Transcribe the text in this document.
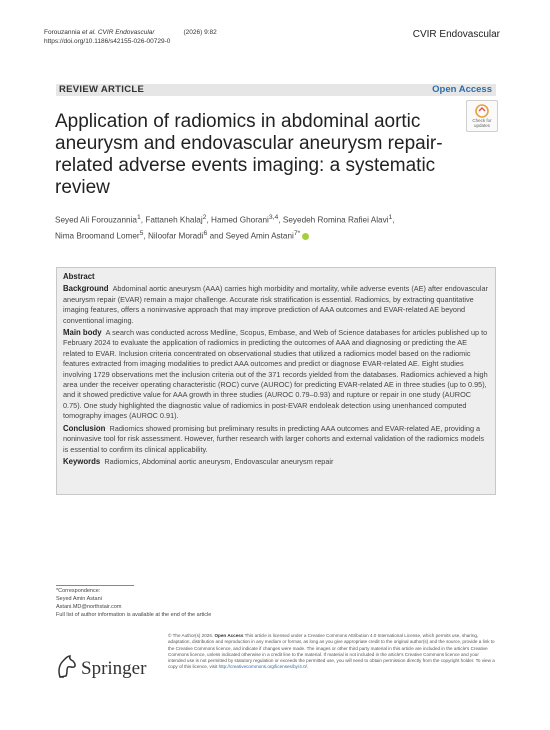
Forouzannia et al. CVIR Endovascular	(2026) 9:82
https://doi.org/10.1186/s42155-026-00729-0
CVIR Endovascular
REVIEW ARTICLE	Open Access
Check for
updates
Application of radiomics in abdominal aortic aneurysm and endovascular aneurysm repair-related adverse events imaging: a systematic review
Seyed Ali Forouzannia$^1$, Fattaneh Khalaj$^2$, Hamed Ghorani$^{3,4}$, Seyedeh Romina Rafiei Alavi$^1$,
Nima Broomand Lomer$^5$, Niloofar Moradi$^6$ and Seyed Amin Astani$^{7*}$
Abstract

Background Abdominal aortic aneurysm (AAA) carries high morbidity and mortality, while adverse events (AE) after endovascular aneurysm repair (EVAR) remain a major challenge. Accurate risk stratification is essential. Radiomics, by extracting quantitative imaging features, offers a noninvasive approach that may improve prediction of AAA outcomes and EVAR-related AE beyond conventional imaging.

Main body A search was conducted across Medline, Scopus, Embase, and Web of Science databases for articles published up to February 2024 to evaluate the application of radiomics in predicting the outcomes of AAA and diagnosing or predicting the AE related to EVAR. Inclusion criteria concentrated on observational studies that utilized a radiomics model based on the radiomic features extracted from imaging modalities to predict AAA outcomes and predict or diagnose EVAR-related AE. Eight studies involving 1729 observations met the inclusion criteria out of the 371 records yielded from the databases. Radiomics achieved a high area under the receiver operating characteristic (ROC) curve (AUROC) for predicting EVAR-related AE in three studies (up to 0.95), and it showed predictive value for AAA growth in three studies (AUROC 0.79–0.93) and rupture or repair in one study (AUROC 0.75). One study highlighted the diagnostic value of radiomics in post-EVAR endoleak detection using unenhanced computed tomography images (AUROC 0.91).

Conclusion Radiomics showed promising but preliminary results in predicting AAA outcomes and EVAR-related AE, providing a noninvasive tool for risk assessment. However, further research with larger cohorts and external validation of the radiomics models is essential to confirm its clinical applicability.

Keywords Radiomics, Abdominal aortic aneurysm, Endovascular aneurysm repair

*Correspondence:
Seyed Amin Astani
Astani.MD@northstair.com
Full list of author information is available at the end of the article
Springer
© The Author(s) 2026. Open Access This article is licensed under a Creative Commons Attribution 4.0 International License, which permits use, sharing, adaptation, distribution and reproduction in any medium or format, as long as you give appropriate credit to the original author(s) and the source, provide a link to the Creative Commons licence, and indicate if changes were made. The images or other third party material in this article are included in the article's Creative Commons licence, unless indicated otherwise in a credit line to the material. If material is not included in the article's Creative Commons licence and your intended use is not permitted by statutory regulation or exceeds the permitted use, you will need to obtain permission directly from the copyright holder. To view a copy of this licence, visit http://creativecommons.org/licenses/by/4.0/.
